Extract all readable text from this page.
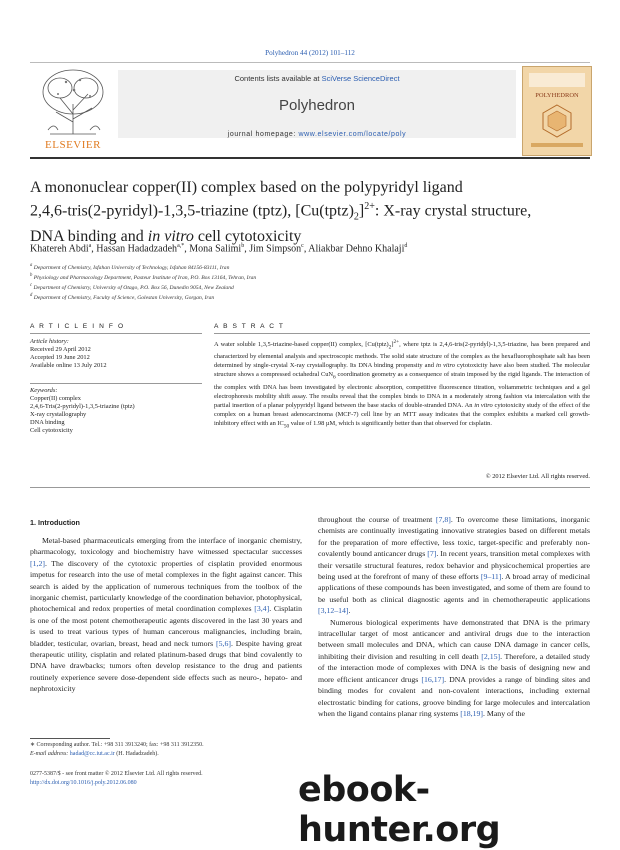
Polyhedron 44 (2012) 101–112
ELSEVIER
Contents lists available at SciVerse ScienceDirect
Polyhedron
journal homepage: www.elsevier.com/locate/poly
POLYHEDRON
A mononuclear copper(II) complex based on the polypyridyl ligand
2,4,6-tris(2-pyridyl)-1,3,5-triazine (tptz), $[Cu(tptz)_2]^{2+}$: X-ray crystal structure,
DNA binding and in vitro cell cytotoxicity
Khatereh Abdi$^a$, Hassan Hadadzadeh$^{a,*}$, Mona Salimi$^b$, Jim Simpson$^c$, Aliakbar Dehno Khalaji$^d$
$^a$ Department of Chemistry, Isfahan University of Technology, Isfahan 84156-83111, Iran
$^b$ Physiology and Pharmacology Department, Pasteur Institute of Iran, P.O. Box 13164, Tehran, Iran
$^c$ Department of Chemistry, University of Otago, P.O. Box 56, Dunedin 9054, New Zealand
$^d$ Department of Chemistry, Faculty of Science, Golestan University, Gorgan, Iran
A R T I C L E I N F O	A B S T R A C T
Article history:
Received 29 April 2012
Accepted 19 June 2012
Available online 13 July 2012
Keywords:
Copper(II) complex
2,4,6-Tris(2-pyridyl)-1,3,5-triazine (tptz)
X-ray crystallography
DNA binding
Cell cytotoxicity
A water soluble 1,3,5-triazine-based copper(II) complex, $[Cu(tptz)_2]^{2+}$, where tptz is 2,4,6-tris(2-pyridyl)-1,3,5-triazine, has been prepared and characterized by elemental analysis and spectroscopic methods. The solid state structure of the complex as the hexafluorophosphate salt has been determined by single-crystal X-ray crystallography. Its DNA binding propensity and in vitro cytotoxicity have also been studied. The molecular structure shows a compressed octahedral CuN$_6$ coordination geometry as a consequence of strain imposed by the rigid ligands. The interaction of the complex with DNA has been investigated by electronic absorption, competitive fluorescence titration, voltammetric techniques and a gel electrophoresis mobility shift assay. The results reveal that the complex binds to DNA in a moderately strong fashion via intercalation with the partial insertion of a planar polypyridyl ligand between the base stacks of double-stranded DNA. An in vitro cytotoxicity study of the effect of the complex on a human breast adenocarcinoma (MCF-7) cell line by an MTT assay indicates that the complex exhibits a marked cell growth-inhibitory effect with an $IC_{50}$ value of 1.98 µM, which is significantly better than that observed for cisplatin.
© 2012 Elsevier Ltd. All rights reserved.
1. Introduction

Metal-based pharmaceuticals emerging from the interface of inorganic chemistry, pharmacology, toxicology and biochemistry have witnessed spectacular successes [1,2]. The discovery of the cytotoxic properties of cisplatin provided enormous impetus for research into the use of metal complexes in the fight against cancer. This search is aided by the application of numerous techniques from the toolbox of the inorganic chemist, particularly knowledge of the coordination behavior, photophysical, photochemical and redox properties of metal coordination complexes [3,4]. Cisplatin is one of the most potent chemotherapeutic agents discovered in the last 30 years and is used to treat various types of human cancerous malignancies, including brain, bladder, testicular, ovarian, breast, head and neck tumors [5,6]. Despite having great therapeutic utility, cisplatin and related platinum-based drugs that bind covalently to DNA have drawbacks; tumors often develop resistance to the drug and patients routinely experience severe dose-dependent side effects such as neuro-, hepato- and nephrotoxicity

throughout the course of treatment [7,8]. To overcome these limitations, inorganic chemists are continually investigating innovative strategies based on different metals for the preparation of more effective, less toxic, target-specific and preferably non-covalently bound anticancer drugs [7]. In recent years, transition metal complexes with their versatile structural features, redox behavior and physicochemical properties are being used at the forefront of many of these efforts [9–11]. A broad array of medicinal applications of these compounds has been investigated, and some of them are found to be useful both as clinical diagnostic agents and in chemotherapeutic applications [3,12–14].

Numerous biological experiments have demonstrated that DNA is the primary intracellular target of most anticancer and antiviral drugs due to the interaction between small molecules and DNA, which can cause DNA damage in cancer cells, inhibiting their division and resulting in cell death [2,15]. Therefore, a detailed study of the interaction mode of complexes with DNA is the basis of designing new and more efficient anticancer drugs [16,17]. DNA provides a range of binding sites and binding modes for covalent and non-covalent interactions, including external electrostatic binding for cations, groove binding for large molecules and intercalation when the ligand contains planar ring systems [18,19]. Many of the

∗ Corresponding author. Tel.: +98 311 3913240; fax: +98 311 3912350.
E-mail address: hadad@cc.iut.ac.ir (H. Hadadzadeh).
0277-5387/$ - see front matter © 2012 Elsevier Ltd. All rights reserved.
http://dx.doi.org/10.1016/j.poly.2012.06.080	ebook-hunter.org
